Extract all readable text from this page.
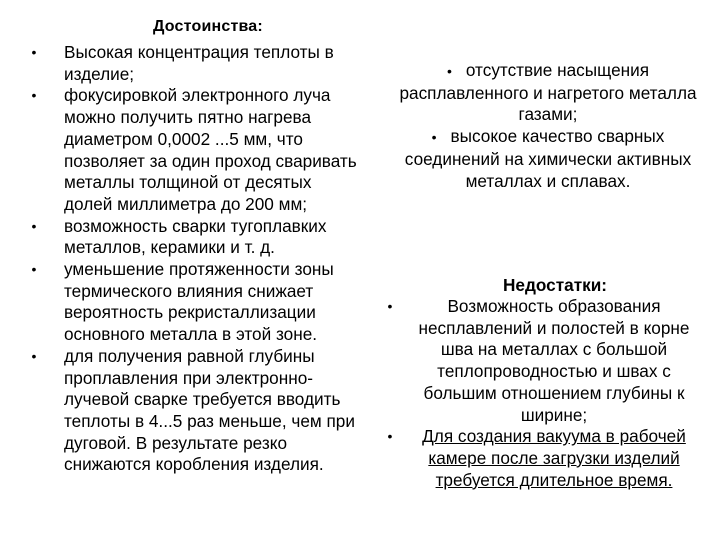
Достоинства:
•	Высокая концентрация теплоты в изделие;
•	фокусировкой электронного луча можно получить пятно нагрева диаметром 0,0002 ...5 мм, что позволяет за один проход сваривать металлы толщиной от десятых долей миллиметра до 200 мм;
•	возможность сварки тугоплавких металлов, керамики и т. д.
•	уменьшение протяженности зоны термического влияния снижает вероятность рекристаллизации основного металла в этой зоне.
•	для получения равной глубины проплавления при электронно-лучевой сварке требуется вводить теплоты в 4...5 раз меньше, чем при дуговой. В результате резко снижаются коробления изделия.

• отсутствие насыщения расплавленного и нагретого металла газами;

• высокое качество сварных соединений на химически активных металлах и сплавах.

Недостатки:
•	Возможность образования несплавлений и полостей в корне шва на металлах с большой теплопроводностью и швах с большим отношением глубины к ширине;
•	Для создания вакуума в рабочей камере после загрузки изделий требуется длительное время.
